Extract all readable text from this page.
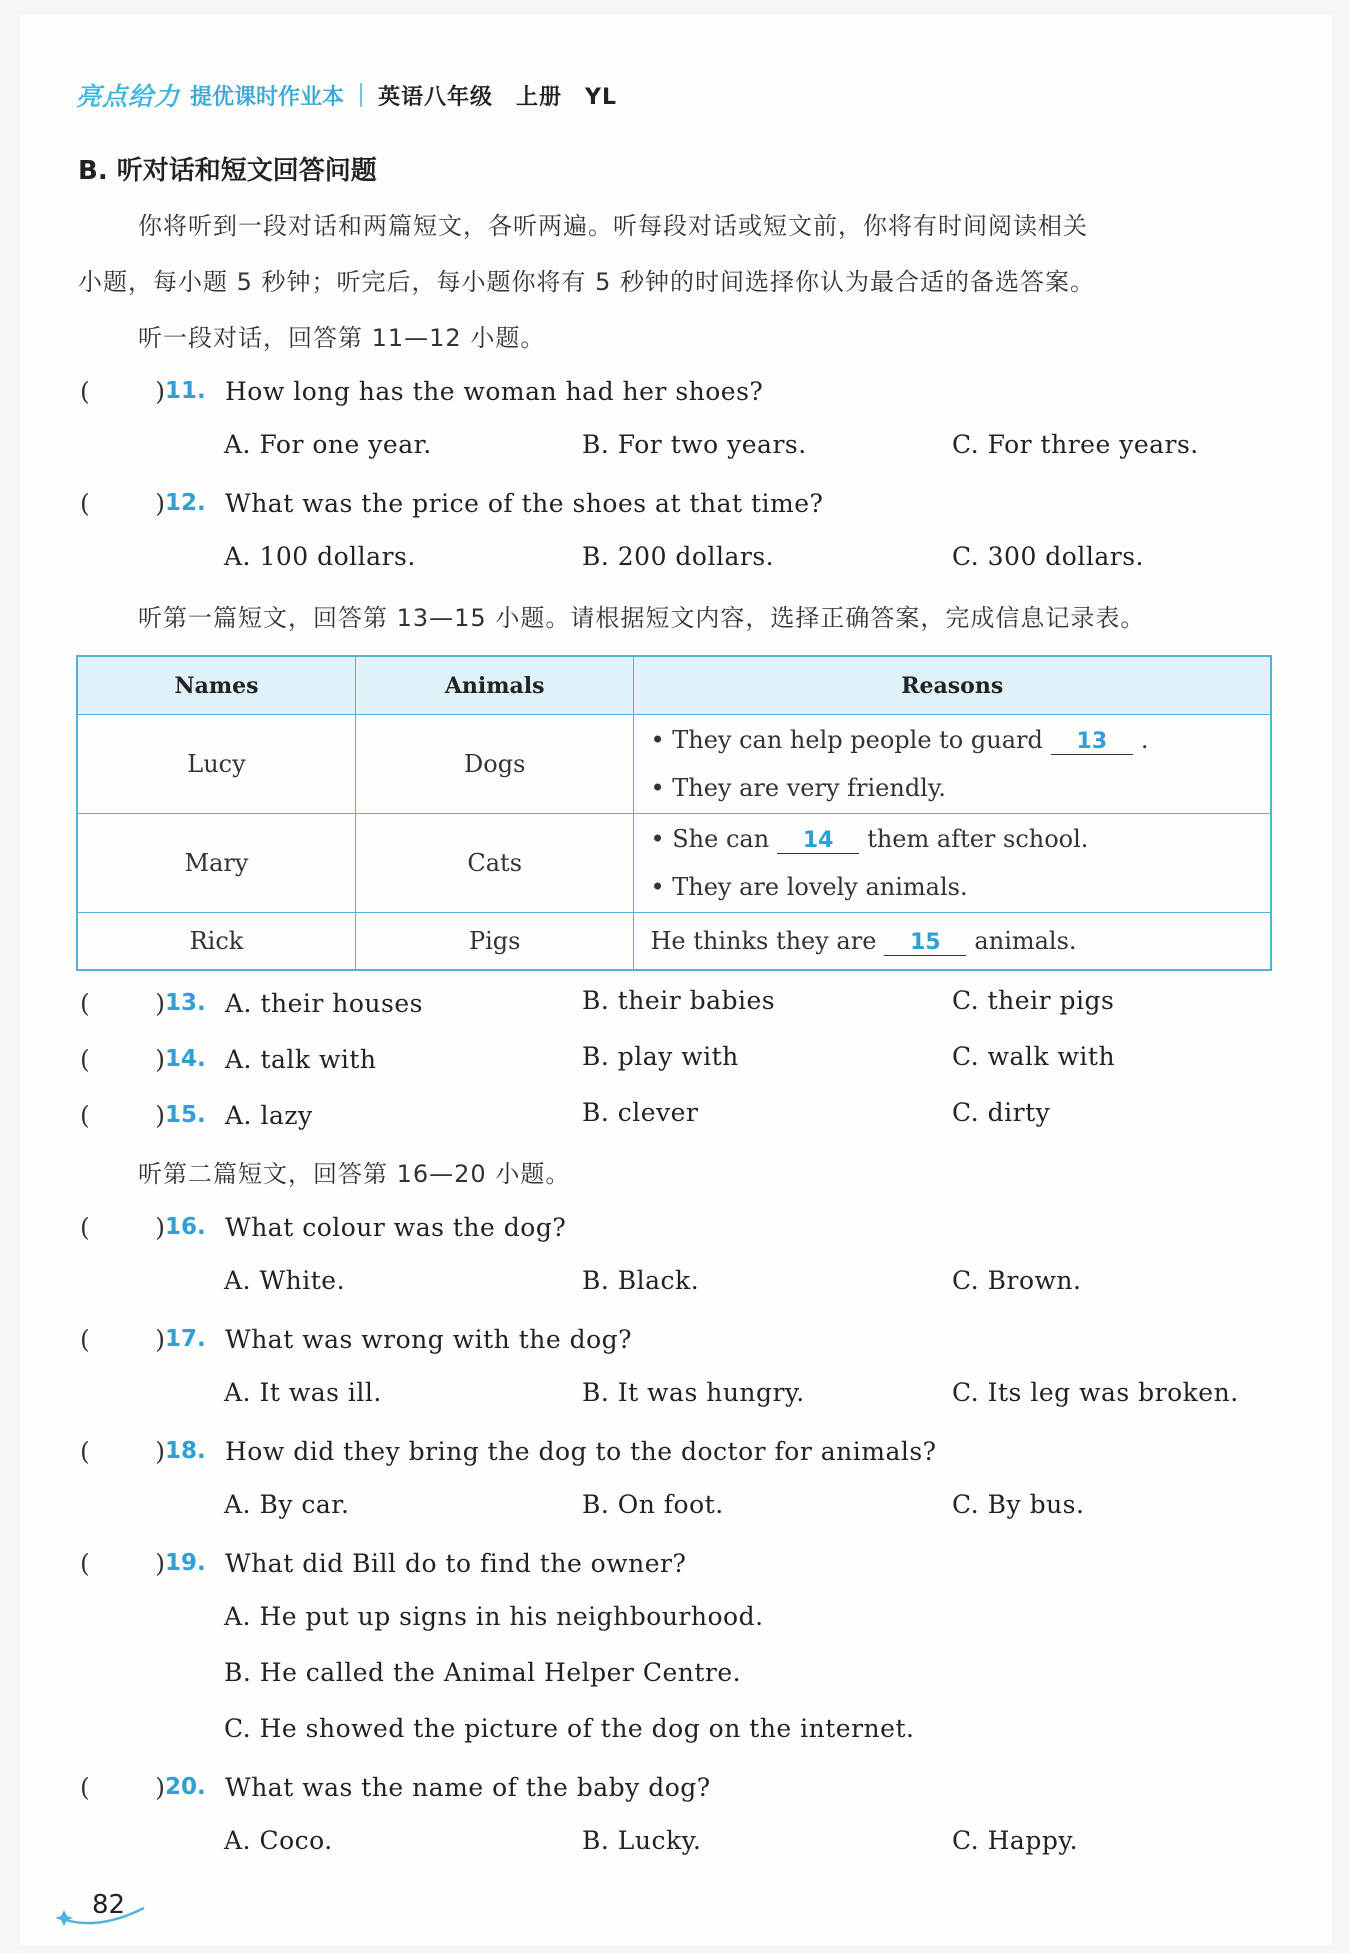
亮点给力 提优课时作业本 英语八年级　上册　YL
B. 听对话和短文回答问题
你将听到一段对话和两篇短文，各听两遍。听每段对话或短文前，你将有时间阅读相关
小题，每小题 5 秒钟；听完后，每小题你将有 5 秒钟的时间选择你认为最合适的备选答案。
听一段对话，回答第 11—12 小题。
(	) 11. How long has the woman had her shoes?
A. For one year.	B. For two years.	C. For three years.
(	) 12. What was the price of the shoes at that time?
A. 100 dollars.	B. 200 dollars.	C. 300 dollars.
听第一篇短文，回答第 13—15 小题。请根据短文内容，选择正确答案，完成信息记录表。
Names	Animals	Reasons
Lucy	Dogs	• They can help people to guard 13 .
• They are very friendly.

Mary	Cats	• She can 14 them after school.
• They are lovely animals.

Rick	Pigs	He thinks they are 15 animals.
(	) 13. A. their houses	B. their babies	C. their pigs
(	) 14. A. talk with	B. play with	C. walk with
(	) 15. A. lazy	B. clever	C. dirty
听第二篇短文，回答第 16—20 小题。
(	) 16. What colour was the dog?
A. White.	B. Black.	C. Brown.
(	) 17. What was wrong with the dog?
A. It was ill.	B. It was hungry.	C. Its leg was broken.
(	) 18. How did they bring the dog to the doctor for animals?
A. By car.	B. On foot.	C. By bus.
(	) 19. What did Bill do to find the owner?
A. He put up signs in his neighbourhood.
B. He called the Animal Helper Centre.
C. He showed the picture of the dog on the internet.
(	) 20. What was the name of the baby dog?
A. Coco.	B. Lucky.	C. Happy.
82
